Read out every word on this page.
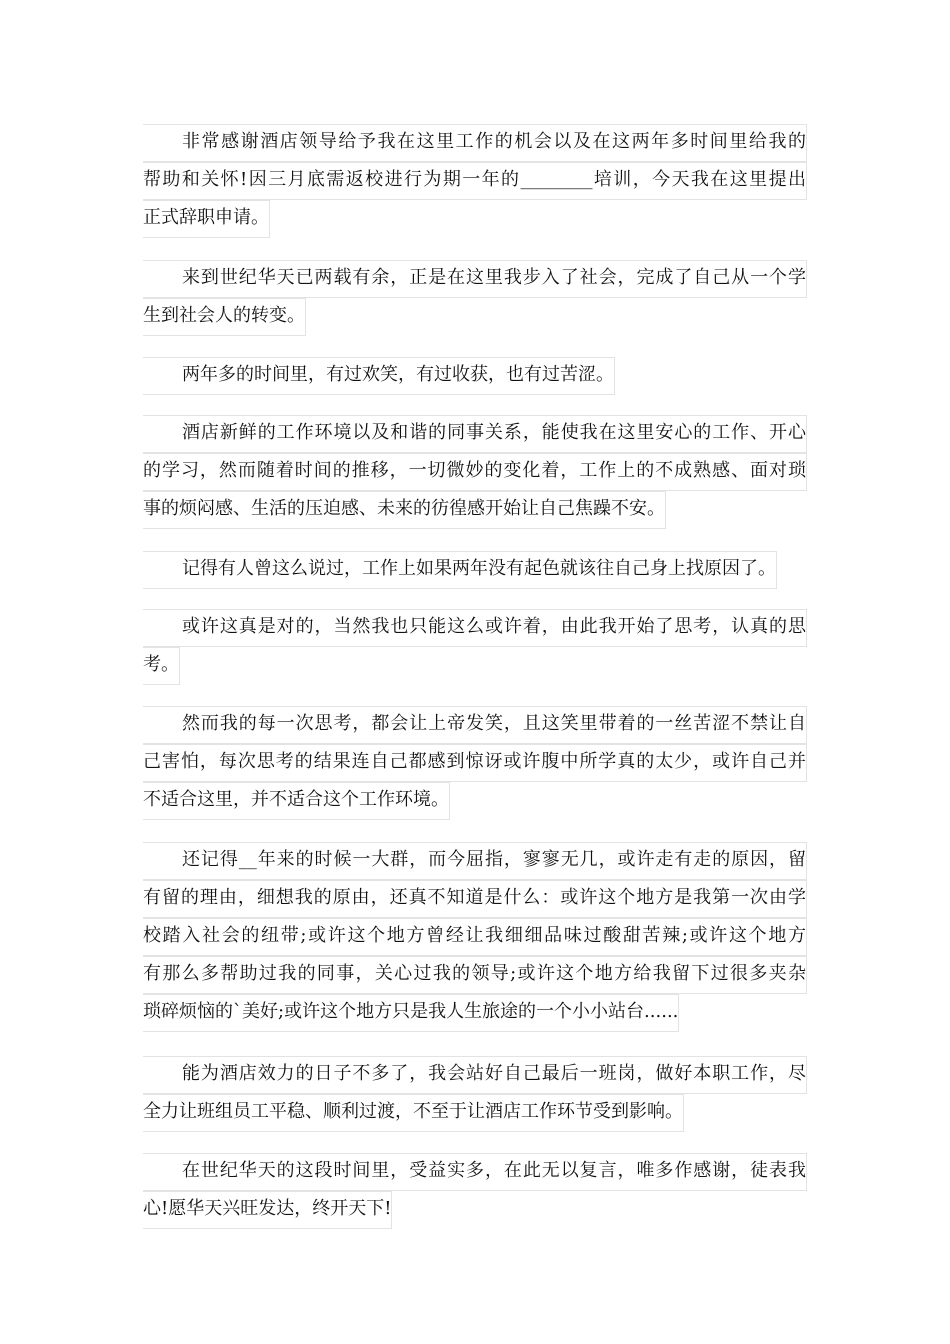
非常感谢酒店领导给予我在这里工作的机会以及在这两年多时间里给我的
帮助和关怀!因三月底需返校进行为期一年的________培训，今天我在这里提出
正式辞职申请。
来到世纪华天已两载有余，正是在这里我步入了社会，完成了自己从一个学
生到社会人的转变。
两年多的时间里，有过欢笑，有过收获，也有过苦涩。
酒店新鲜的工作环境以及和谐的同事关系，能使我在这里安心的工作、开心
的学习，然而随着时间的推移，一切微妙的变化着，工作上的不成熟感、面对琐
事的烦闷感、生活的压迫感、未来的彷徨感开始让自己焦躁不安。
记得有人曾这么说过，工作上如果两年没有起色就该往自己身上找原因了。
或许这真是对的，当然我也只能这么或许着，由此我开始了思考，认真的思
考。
然而我的每一次思考，都会让上帝发笑，且这笑里带着的一丝苦涩不禁让自
己害怕，每次思考的结果连自己都感到惊讶或许腹中所学真的太少，或许自己并
不适合这里，并不适合这个工作环境。
还记得__年来的时候一大群，而今屈指，寥寥无几，或许走有走的原因，留
有留的理由，细想我的原由，还真不知道是什么：或许这个地方是我第一次由学
校踏入社会的纽带;或许这个地方曾经让我细细品味过酸甜苦辣;或许这个地方
有那么多帮助过我的同事，关心过我的领导;或许这个地方给我留下过很多夹杂
琐碎烦恼的`美好;或许这个地方只是我人生旅途的一个小小站台......
能为酒店效力的日子不多了，我会站好自己最后一班岗，做好本职工作，尽
全力让班组员工平稳、顺利过渡，不至于让酒店工作环节受到影响。
在世纪华天的这段时间里，受益实多，在此无以复言，唯多作感谢，徒表我
心!愿华天兴旺发达，终开天下!
